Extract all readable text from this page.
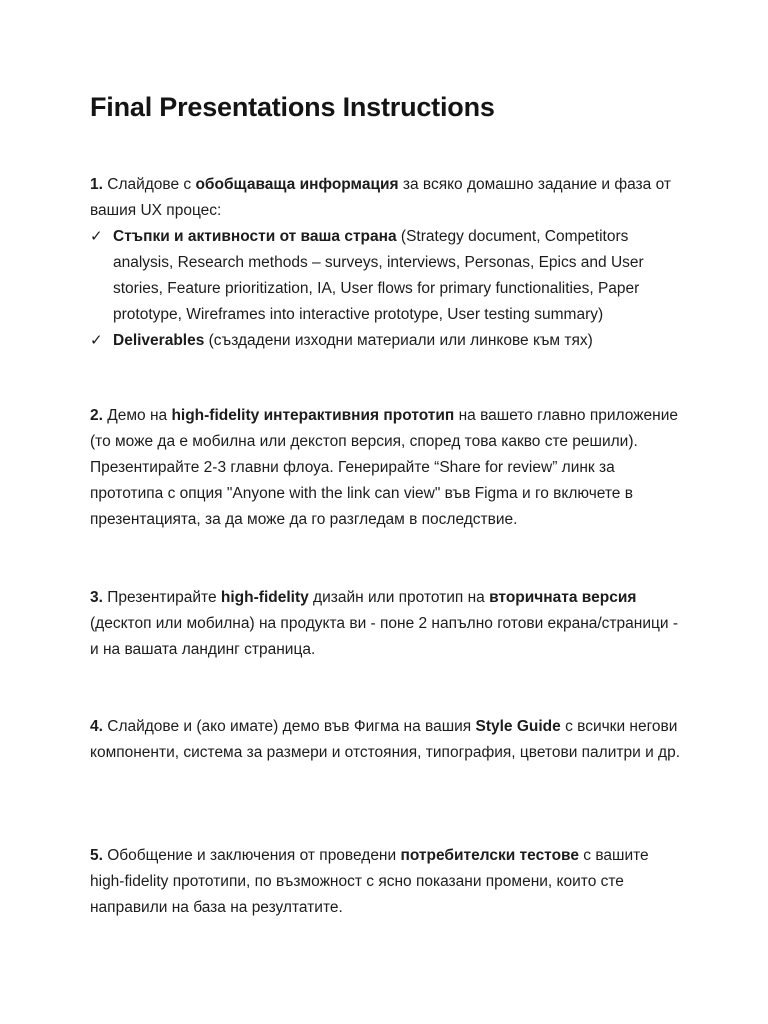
Final Presentations Instructions
1. Слайдове с обобщаваща информация за всяко домашно задание и фаза от вашия UX процес:
✓ Стъпки и активности от ваша страна (Strategy document, Competitors analysis, Research methods – surveys, interviews, Personas, Epics and User stories, Feature prioritization, IA, User flows for primary functionalities, Paper prototype, Wireframes into interactive prototype, User testing summary)
✓ Deliverables (създадени изходни материали или линкове към тях)

2. Демо на high-fidelity интерактивния прототип на вашето главно приложение (то може да е мобилна или декстоп версия, според това какво сте решили). Презентирайте 2-3 главни флоуа. Генерирайте “Share for review” линк за прототипа с опция "Anyone with the link can view" във Figma и го включете в презентацията, за да може да го разгледам в последствие.

3. Презентирайте high-fidelity дизайн или прототип на вторичната версия (десктоп или мобилна) на продукта ви - поне 2 напълно готови екрана/страници - и на вашата ландинг страница.

4. Слайдове и (ако имате) демо във Фигма на вашия Style Guide с всички негови компоненти, система за размери и отстояния, типография, цветови палитри и др.

5. Обобщение и заключения от проведени потребителски тестове с вашите high-fidelity прототипи, по възможност с ясно показани промени, които сте направили на база на резултатите.
